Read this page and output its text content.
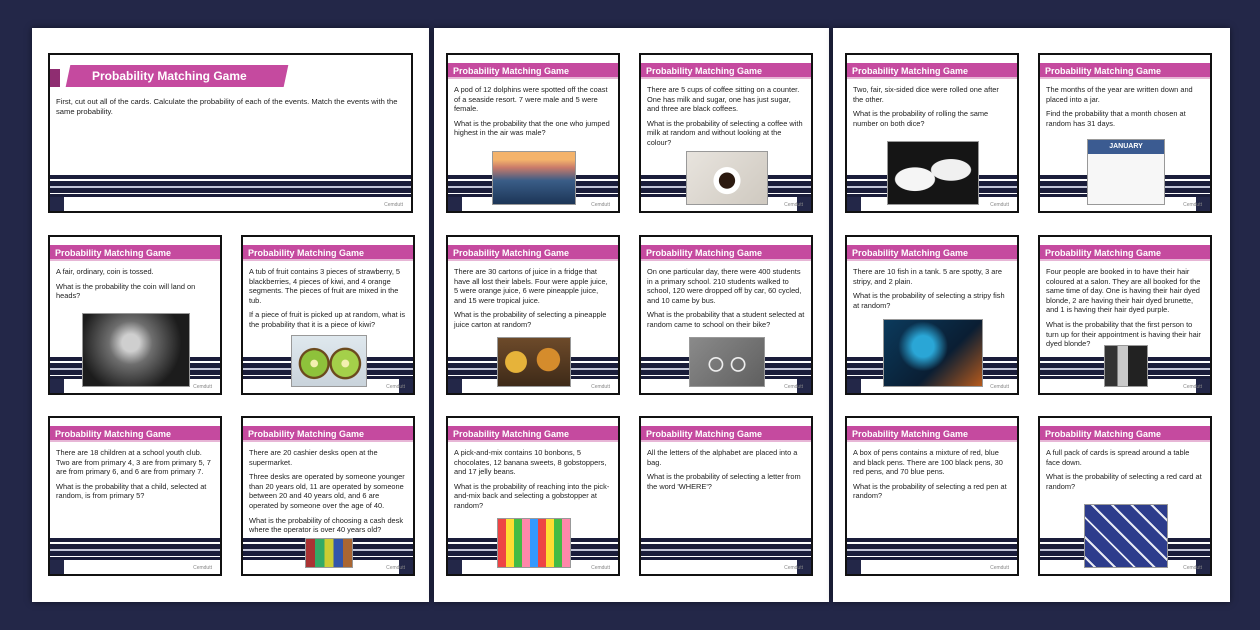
Probability Matching Game
First, cut out all of the cards. Calculate the probability of each of the events. Match the events with the same probability.
Cemdutt
Probability Matching Game

A fair, ordinary, coin is tossed.

What is the probability the coin will land on heads?

Cemdutt
Probability Matching Game

A tub of fruit contains 3 pieces of strawberry, 5 blackberries, 4 pieces of kiwi, and 4 orange segments. The pieces of fruit are mixed in the tub.

If a piece of fruit is picked up at random, what is the probability that it is a piece of kiwi?

Cemdutt
Probability Matching Game

There are 18 children at a school youth club. Two are from primary 4, 3 are from primary 5, 7 are from primary 6, and 6 are from primary 7.

What is the probability that a child, selected at random, is from primary 5?

Cemdutt
Probability Matching Game

There are 20 cashier desks open at the supermarket.

Three desks are operated by someone younger than 20 years old, 11 are operated by someone between 20 and 40 years old, and 6 are operated by someone over the age of 40.

What is the probability of choosing a cash desk where the operator is over 40 years old?

Cemdutt
Probability Matching Game

A pod of 12 dolphins were spotted off the coast of a seaside resort. 7 were male and 5 were female.

What is the probability that the one who jumped highest in the air was male?

Cemdutt
Probability Matching Game

There are 5 cups of coffee sitting on a counter. One has milk and sugar, one has just sugar, and three are black coffees.

What is the probability of selecting a coffee with milk at random and without looking at the colour?

Cemdutt
Probability Matching Game

There are 30 cartons of juice in a fridge that have all lost their labels. Four were apple juice, 5 were orange juice, 6 were pineapple juice, and 15 were tropical juice.

What is the probability of selecting a pineapple juice carton at random?

Cemdutt
Probability Matching Game

On one particular day, there were 400 students in a primary school. 210 students walked to school, 120 were dropped off by car, 60 cycled, and 10 came by bus.

What is the probability that a student selected at random came to school on their bike?

Cemdutt
Probability Matching Game

A pick-and-mix contains 10 bonbons, 5 chocolates, 12 banana sweets, 8 gobstoppers, and 17 jelly beans.

What is the probability of reaching into the pick-and-mix back and selecting a gobstopper at random?

Cemdutt
Probability Matching Game

All the letters of the alphabet are placed into a bag.

What is the probability of selecting a letter from the word 'WHERE'?

Cemdutt
Probability Matching Game

Two, fair, six-sided dice were rolled one after the other.

What is the probability of rolling the same number on both dice?

Cemdutt
Probability Matching Game

The months of the year are written down and placed into a jar.

Find the probability that a month chosen at random has 31 days.

JANUARY
Cemdutt
Probability Matching Game

There are 10 fish in a tank. 5 are spotty, 3 are stripy, and 2 plain.

What is the probability of selecting a stripy fish at random?

Cemdutt
Probability Matching Game

Four people are booked in to have their hair coloured at a salon. They are all booked for the same time of day. One is having their hair dyed blonde, 2 are having their hair dyed brunette, and 1 is having their hair dyed purple.

What is the probability that the first person to turn up for their appointment is having their hair dyed blonde?

Cemdutt
Probability Matching Game

A box of pens contains a mixture of red, blue and black pens. There are 100 black pens, 30 red pens, and 70 blue pens.

What is the probability of selecting a red pen at random?

Cemdutt
Probability Matching Game

A full pack of cards is spread around a table face down.

What is the probability of selecting a red card at random?

Cemdutt
